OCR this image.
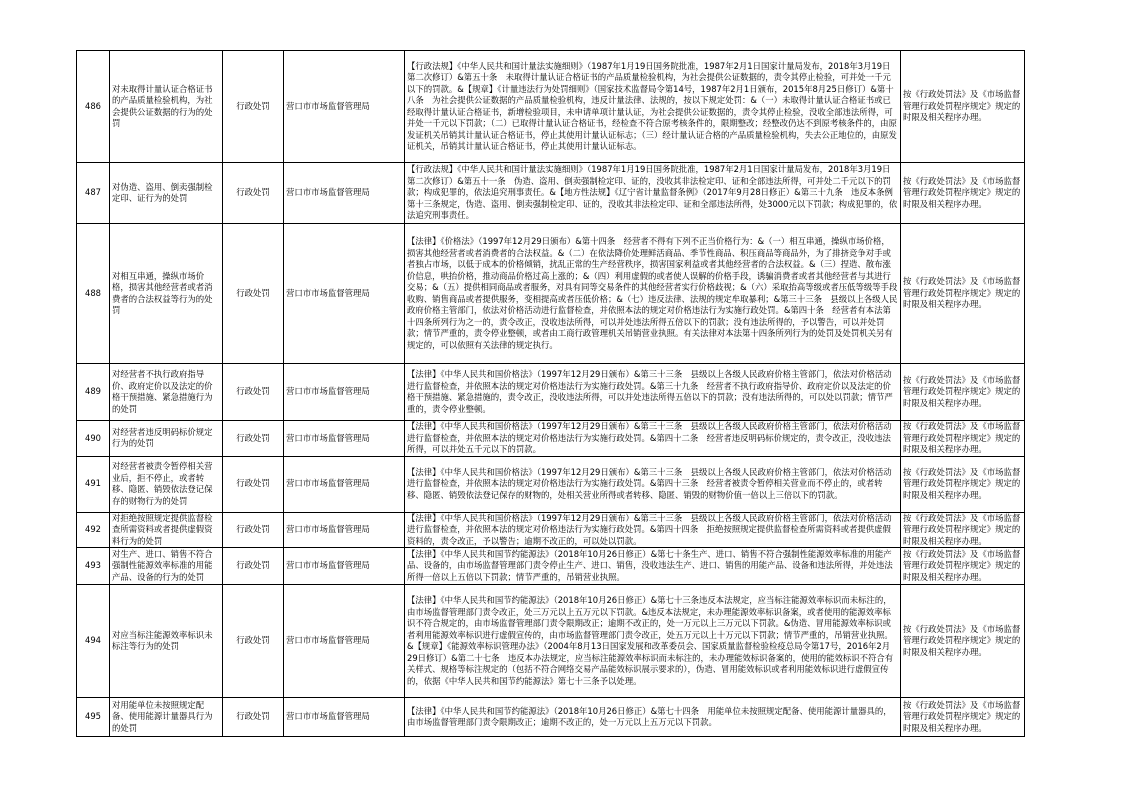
486	对未取得计量认证合格证书的产品质量检验机构，为社会提供公证数据的行为的处罚	行政处罚	营口市市场监督管理局	【行政法规】《中华人民共和国计量法实施细则》（1987年1月19日国务院批准，1987年2月1日国家计量局发布，2018年3月19日第二次修订）&第五十条　未取得计量认证合格证书的产品质量检验机构，为社会提供公证数据的，责令其停止检验，可并处一千元以下的罚款。&【规章】《计量违法行为处罚细则》（国家技术监督局令第14号，1987年2月1日颁布，2015年8月25日修订）&第十八条　为社会提供公证数据的产品质量检验机构，违反计量法律、法规的，按以下规定处罚：&（一）未取得计量认证合格证书或已经取得计量认证合格证书，新增检验项目，未申请单项计量认证，为社会提供公证数据的，责令其停止检验，没收全部违法所得，可并处一千元以下罚款；（二）已取得计量认证合格证书，经检查不符合原考核条件的，限期整改；经整改仍达不到原考核条件的，由原发证机关吊销其计量认证合格证书，停止其使用计量认证标志；（三）经计量认证合格的产品质量检验机构，失去公正地位的，由原发证机关，吊销其计量认证合格证书，停止其使用计量认证标志。	按《行政处罚法》及《市场监督管理行政处罚程序规定》规定的时限及相关程序办理。
487	对伪造、盗用、倒卖强制检定印、证行为的处罚	行政处罚	营口市市场监督管理局	【行政法规】《中华人民共和国计量法实施细则》（1987年1月19日国务院批准，1987年2月1日国家计量局发布，2018年3月19日第二次修订）&第五十一条　伪造、盗用、倒卖强制检定印、证的，没收其非法检定印、证和全部违法所得，可并处二千元以下的罚款；构成犯罪的，依法追究刑事责任。&【地方性法规】《辽宁省计量监督条例》（2017年9月28日修正）&第三十九条　违反本条例第十三条规定，伪造、盗用、倒卖强制检定印、证的，没收其非法检定印、证和全部违法所得，处3000元以下罚款；构成犯罪的，依法追究刑事责任。	按《行政处罚法》及《市场监督管理行政处罚程序规定》规定的时限及相关程序办理。
488	对相互串通，操纵市场价格，损害其他经营者或者消费者的合法权益等行为的处罚	行政处罚	营口市市场监督管理局	【法律】《价格法》（1997年12月29日颁布）&第十四条　经营者不得有下列不正当价格行为：&（一）相互串通，操纵市场价格，损害其他经营者或者消费者的合法权益。&（二）在依法降价处理鲜活商品、季节性商品、积压商品等商品外，为了排挤竞争对手或者独占市场，以低于成本的价格倾销，扰乱正常的生产经营秩序，损害国家利益或者其他经营者的合法权益。&（三）捏造、散布涨价信息，哄抬价格，推动商品价格过高上涨的；&（四）利用虚假的或者使人误解的价格手段，诱骗消费者或者其他经营者与其进行交易；&（五）提供相同商品或者服务，对具有同等交易条件的其他经营者实行价格歧视；&（六）采取抬高等级或者压低等级等手段收购、销售商品或者提供服务，变相提高或者压低价格；&（七）违反法律、法规的规定牟取暴利；&第三十三条　县级以上各级人民政府价格主管部门，依法对价格活动进行监督检查，并依照本法的规定对价格违法行为实施行政处罚。&第四十条　经营者有本法第十四条所列行为之一的，责令改正，没收违法所得，可以并处违法所得五倍以下的罚款；没有违法所得的，予以警告，可以并处罚款；情节严重的，责令停业整顿，或者由工商行政管理机关吊销营业执照。有关法律对本法第十四条所列行为的处罚及处罚机关另有规定的，可以依照有关法律的规定执行。	按《行政处罚法》及《市场监督管理行政处罚程序规定》规定的时限及相关程序办理。
489	对经营者不执行政府指导价、政府定价以及法定的价格干预措施、紧急措施行为的处罚	行政处罚	营口市市场监督管理局	【法律】《中华人民共和国价格法》（1997年12月29日颁布）&第三十三条　县级以上各级人民政府价格主管部门，依法对价格活动进行监督检查，并依照本法的规定对价格违法行为实施行政处罚。&第三十九条　经营者不执行政府指导价、政府定价以及法定的价格干预措施、紧急措施的，责令改正，没收违法所得，可以并处违法所得五倍以下的罚款；没有违法所得的，可以处以罚款；情节严重的，责令停业整顿。	按《行政处罚法》及《市场监督管理行政处罚程序规定》规定的时限及相关程序办理。
490	对经营者违反明码标价规定行为的处罚	行政处罚	营口市市场监督管理局	【法律】《中华人民共和国价格法》（1997年12月29日颁布）&第三十三条　县级以上各级人民政府价格主管部门，依法对价格活动进行监督检查，并依照本法的规定对价格违法行为实施行政处罚。&第四十二条　经营者违反明码标价规定的，责令改正，没收违法所得，可以并处五千元以下的罚款。	按《行政处罚法》及《市场监督管理行政处罚程序规定》规定的时限及相关程序办理。
491	对经营者被责令暂停相关营业后，拒不停止，或者转移、隐匿、销毁依法登记保存的财物行为的处罚	行政处罚	营口市市场监督管理局	【法律】《中华人民共和国价格法》（1997年12月29日颁布）&第三十三条　县级以上各级人民政府价格主管部门，依法对价格活动进行监督检查，并依照本法的规定对价格违法行为实施行政处罚。&第四十三条　经营者被责令暂停相关营业而不停止的，或者转移、隐匿、销毁依法登记保存的财物的，处相关营业所得或者转移、隐匿、销毁的财物价值一倍以上三倍以下的罚款。	按《行政处罚法》及《市场监督管理行政处罚程序规定》规定的时限及相关程序办理。
492	对拒绝按照规定提供监督检查所需资料或者提供虚假资料行为的处罚	行政处罚	营口市市场监督管理局	【法律】《中华人民共和国价格法》（1997年12月29日颁布）&第三十三条　县级以上各级人民政府价格主管部门，依法对价格活动进行监督检查，并依照本法的规定对价格违法行为实施行政处罚。&第四十四条　拒绝按照规定提供监督检查所需资料或者提供虚假资料的，责令改正，予以警告；逾期不改正的，可以处以罚款。	按《行政处罚法》及《市场监督管理行政处罚程序规定》规定的时限及相关程序办理。
493	对生产、进口、销售不符合强制性能源效率标准的用能产品、设备的行为的处罚	行政处罚	营口市市场监督管理局	【法律】《中华人民共和国节约能源法》（2018年10月26日修正）&第七十条生产、进口、销售不符合强制性能源效率标准的用能产品、设备的，由市场监督管理部门责令停止生产、进口、销售，没收违法生产、进口、销售的用能产品、设备和违法所得，并处违法所得一倍以上五倍以下罚款；情节严重的，吊销营业执照。	按《行政处罚法》及《市场监督管理行政处罚程序规定》规定的时限及相关程序办理。
494	对应当标注能源效率标识未标注等行为的处罚	行政处罚	营口市市场监督管理局	【法律】《中华人民共和国节约能源法》（2018年10月26日修正）&第七十三条违反本法规定，应当标注能源效率标识而未标注的，由市场监督管理部门责令改正，处三万元以上五万元以下罚款。&违反本法规定，未办理能源效率标识备案，或者使用的能源效率标识不符合规定的，由市场监督管理部门责令限期改正；逾期不改正的，处一万元以上三万元以下罚款。&伪造、冒用能源效率标识或者利用能源效率标识进行虚假宣传的，由市场监督管理部门责令改正，处五万元以上十万元以下罚款；情节严重的，吊销营业执照。&【规章】《能源效率标识管理办法》（2004年8月13日国家发展和改革委员会、国家质量监督检验检疫总局令第17号，2016年2月29日修订）&第二十七条　违反本办法规定，应当标注能源效率标识而未标注的，未办理能效标识备案的，使用的能效标识不符合有关样式、规格等标注规定的（包括不符合网络交易产品能效标识展示要求的），伪造、冒用能效标识或者利用能效标识进行虚假宣传的，依据《中华人民共和国节约能源法》第七十三条予以处理。	按《行政处罚法》及《市场监督管理行政处罚程序规定》规定的时限及相关程序办理。
495	对用能单位未按照规定配备、使用能源计量器具行为的处罚	行政处罚	营口市市场监督管理局	【法律】《中华人民共和国节约能源法》（2018年10月26日修正）&第七十四条　用能单位未按照规定配备、使用能源计量器具的，由市场监督管理部门责令限期改正；逾期不改正的，处一万元以上五万元以下罚款。	按《行政处罚法》及《市场监督管理行政处罚程序规定》规定的时限及相关程序办理。
